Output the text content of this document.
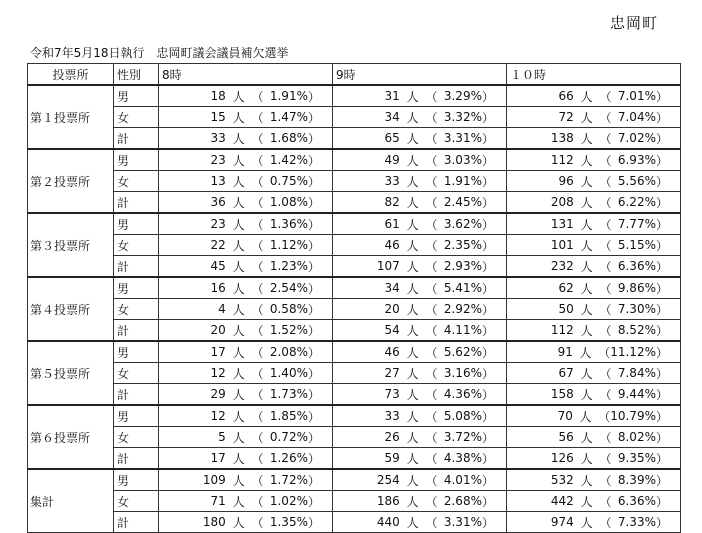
忠岡町
令和7年5月18日執行　忠岡町議会議員補欠選挙
投票所	性別	8時	9時	１０時
第１投票所	男	18 人 （ 1.91% ）	31 人 （ 3.29% ）	66 人 （ 7.01% ）

	女	15 人 （ 1.47% ）	34 人 （ 3.32% ）	72 人 （ 7.04% ）

	計	33 人 （ 1.68% ）	65 人 （ 3.31% ）	138 人 （ 7.02% ）

第２投票所	男	23 人 （ 1.42% ）	49 人 （ 3.03% ）	112 人 （ 6.93% ）

	女	13 人 （ 0.75% ）	33 人 （ 1.91% ）	96 人 （ 5.56% ）

	計	36 人 （ 1.08% ）	82 人 （ 2.45% ）	208 人 （ 6.22% ）

第３投票所	男	23 人 （ 1.36% ）	61 人 （ 3.62% ）	131 人 （ 7.77% ）

	女	22 人 （ 1.12% ）	46 人 （ 2.35% ）	101 人 （ 5.15% ）

	計	45 人 （ 1.23% ）	107 人 （ 2.93% ）	232 人 （ 6.36% ）

第４投票所	男	16 人 （ 2.54% ）	34 人 （ 5.41% ）	62 人 （ 9.86% ）

	女	4 人 （ 0.58% ）	20 人 （ 2.92% ）	50 人 （ 7.30% ）

	計	20 人 （ 1.52% ）	54 人 （ 4.11% ）	112 人 （ 8.52% ）

第５投票所	男	17 人 （ 2.08% ）	46 人 （ 5.62% ）	91 人 （ 11.12% ）

	女	12 人 （ 1.40% ）	27 人 （ 3.16% ）	67 人 （ 7.84% ）

	計	29 人 （ 1.73% ）	73 人 （ 4.36% ）	158 人 （ 9.44% ）

第６投票所	男	12 人 （ 1.85% ）	33 人 （ 5.08% ）	70 人 （ 10.79% ）

	女	5 人 （ 0.72% ）	26 人 （ 3.72% ）	56 人 （ 8.02% ）

	計	17 人 （ 1.26% ）	59 人 （ 4.38% ）	126 人 （ 9.35% ）

集計	男	109 人 （ 1.72% ）	254 人 （ 4.01% ）	532 人 （ 8.39% ）

	女	71 人 （ 1.02% ）	186 人 （ 2.68% ）	442 人 （ 6.36% ）

	計	180 人 （ 1.35% ）	440 人 （ 3.31% ）	974 人 （ 7.33% ）
